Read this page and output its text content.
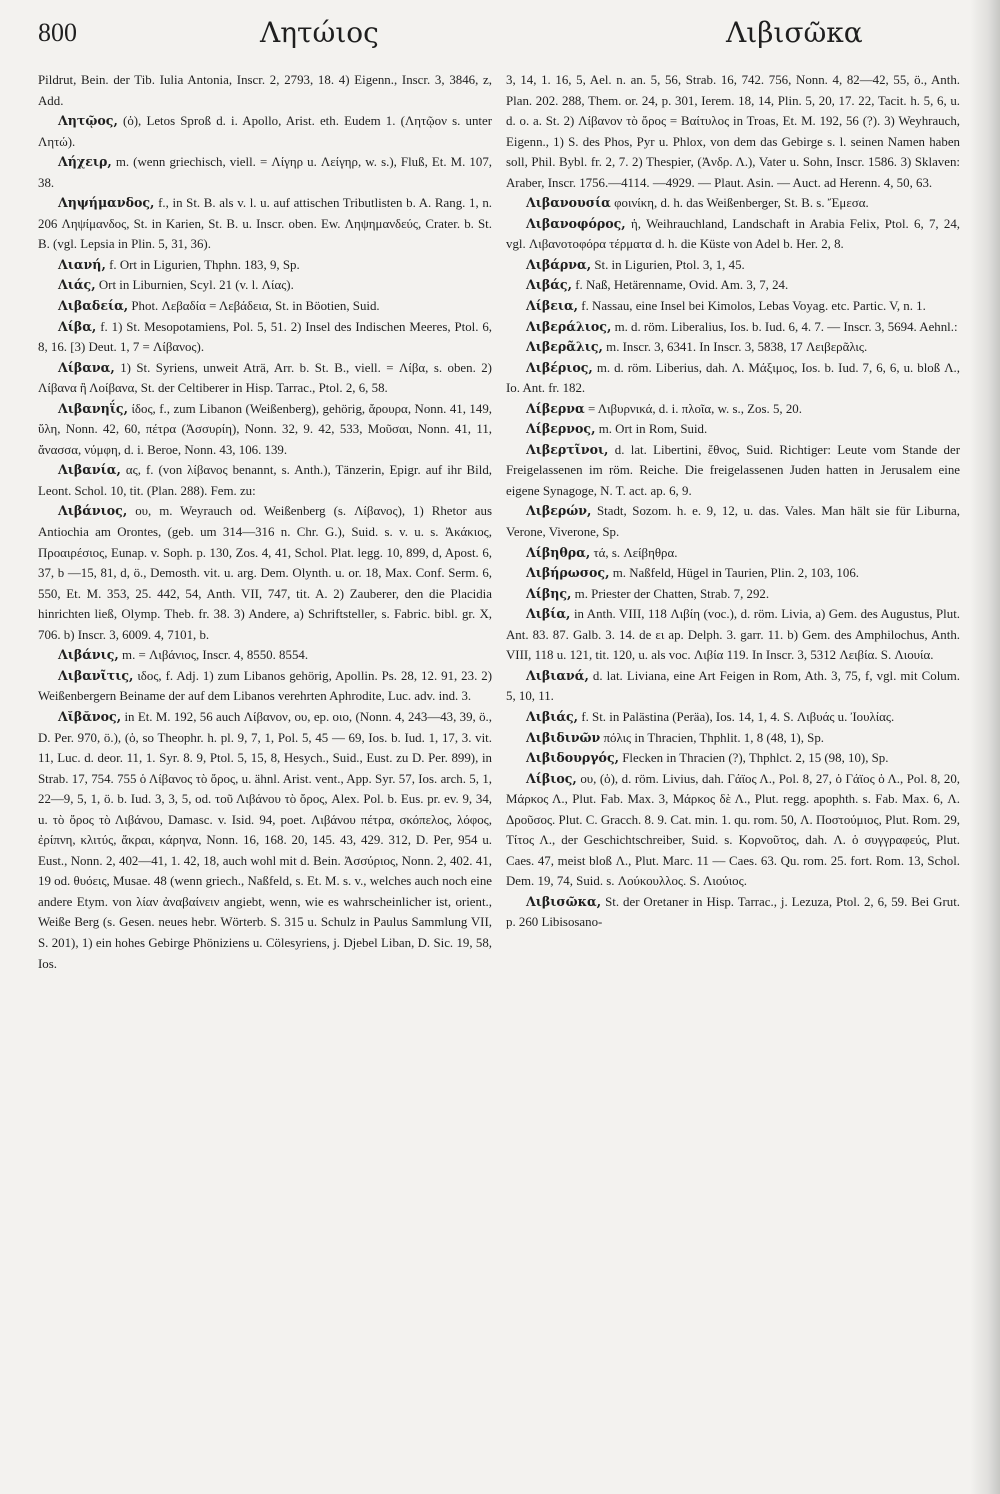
800	Λητώιος	Λιβισῶκα

Pildrut, Bein. der Tib. Iulia Antonia, Inscr. 2, 2793, 18. 4) Eigenn., Inscr. 3, 3846, z, Add.

Λητῷος, (ὁ), Letos Sproß d. i. Apollo, Arist. eth. Eudem 1. (Λητῷον s. unter Λητώ).

Λήχειρ, m. (wenn griechisch, viell. = Λίγηρ u. Λείγηρ, w. s.), Fluß, Et. M. 107, 38.

Ληψήμανδος, f., in St. B. als v. l. u. auf attischen Tributlisten b. A. Rang. 1, n. 206 Ληψίμανδος, St. in Karien, St. B. u. Inscr. oben. Ew. Ληψημανδεύς, Crater. b. St. B. (vgl. Lepsia in Plin. 5, 31, 36).

Λιανή, f. Ort in Ligurien, Thphn. 183, 9, Sp.

Λιάς, Ort in Liburnien, Scyl. 21 (v. l. Λίας).

Λιβαδεία, Phot. Λεβαδία = Λεβάδεια, St. in Böotien, Suid.

Λίβα, f. 1) St. Mesopotamiens, Pol. 5, 51. 2) Insel des Indischen Meeres, Ptol. 6, 8, 16. [3) Deut. 1, 7 = Λίβανος).

Λίβανα, 1) St. Syriens, unweit Aträ, Arr. b. St. B., viell. = Λίβα, s. oben. 2) Λίβανα ἢ Λοίβανα, St. der Celtiberer in Hisp. Tarrac., Ptol. 2, 6, 58.

Λιβανηΐς, ίδος, f., zum Libanon (Weißenberg), gehörig, ἄρουρα, Nonn. 41, 149, ὕλη, Nonn. 42, 60, πέτρα (Ἀσσυρίη), Nonn. 32, 9. 42, 533, Μοῦσαι, Nonn. 41, 11, ἄνασσα, νύμφη, d. i. Beroe, Nonn. 43, 106. 139.

Λιβανία, ας, f. (von λίβανος benannt, s. Anth.), Tänzerin, Epigr. auf ihr Bild, Leont. Schol. 10, tit. (Plan. 288). Fem. zu:

Λιβάνιος, ου, m. Weyrauch od. Weißenberg (s. Λίβανος), 1) Rhetor aus Antiochia am Orontes, (geb. um 314—316 n. Chr. G.), Suid. s. v. u. s. Ἀκάκιος, Προαιρέσιος, Eunap. v. Soph. p. 130, Zos. 4, 41, Schol. Plat. legg. 10, 899, d, Apost. 6, 37, b —15, 81, d, ö., Demosth. vit. u. arg. Dem. Olynth. u. or. 18, Max. Conf. Serm. 6, 550, Et. M. 353, 25. 442, 54, Anth. VII, 747, tit. A. 2) Zauberer, den die Placidia hinrichten ließ, Olymp. Theb. fr. 38. 3) Andere, a) Schriftsteller, s. Fabric. bibl. gr. X, 706. b) Inscr. 3, 6009. 4, 7101, b.

Λιβάνις, m. = Λιβάνιος, Inscr. 4, 8550. 8554.

Λιβανῖτις, ιδος, f. Adj. 1) zum Libanos gehörig, Apollin. Ps. 28, 12. 91, 23. 2) Weißenbergern Beiname der auf dem Libanos verehrten Aphrodite, Luc. adv. ind. 3.

Λῐβᾰνος, in Et. M. 192, 56 auch Λίβανον, ου, ep. οιο, (Nonn. 4, 243—43, 39, ö., D. Per. 970, ö.), (ὁ, so Theophr. h. pl. 9, 7, 1, Pol. 5, 45 — 69, Ios. b. Iud. 1, 17, 3. vit. 11, Luc. d. deor. 11, 1. Syr. 8. 9, Ptol. 5, 15, 8, Hesych., Suid., Eust. zu D. Per. 899), in Strab. 17, 754. 755 ὁ Λίβανος τὸ ὄρος, u. ähnl. Arist. vent., App. Syr. 57, Ios. arch. 5, 1, 22—9, 5, 1, ö. b. Iud. 3, 3, 5, od. τοῦ Λιβάνου τὸ ὄρος, Alex. Pol. b. Eus. pr. ev. 9, 34, u. τὸ ὄρος τὸ Λιβάνου, Damasc. v. Isid. 94, poet. Λιβάνου πέτρα, σκόπελος, λόφος, ἐρίπνη, κλιτύς, ἄκραι, κάρηνα, Nonn. 16, 168. 20, 145. 43, 429. 312, D. Per, 954 u. Eust., Nonn. 2, 402—41, 1. 42, 18, auch wohl mit d. Bein. Ἀσσύριος, Nonn. 2, 402. 41, 19 od. θυόεις, Musae. 48 (wenn griech., Naßfeld, s. Et. M. s. v., welches auch noch eine andere Etym. von λίαν ἀναβαίνειν angiebt, wenn, wie es wahrscheinlicher ist, orient., Weiße Berg (s. Gesen. neues hebr. Wörterb. S. 315 u. Schulz in Paulus Sammlung VII, S. 201), 1) ein hohes Gebirge Phöniziens u. Cölesyriens, j. Djebel Liban, D. Sic. 19, 58, Ios.

3, 14, 1. 16, 5, Ael. n. an. 5, 56, Strab. 16, 742. 756, Nonn. 4, 82—42, 55, ö., Anth. Plan. 202. 288, Them. or. 24, p. 301, Ierem. 18, 14, Plin. 5, 20, 17. 22, Tacit. h. 5, 6, u. d. o. a. St. 2) Λίβανον τὸ ὄρος = Βαίτυλος in Troas, Et. M. 192, 56 (?). 3) Weyhrauch, Eigenn., 1) S. des Phos, Pyr u. Phlox, von dem das Gebirge s. l. seinen Namen haben soll, Phil. Bybl. fr. 2, 7. 2) Thespier, (Ἀνδρ. Λ.), Vater u. Sohn, Inscr. 1586. 3) Sklaven: Araber, Inscr. 1756.—4114. —4929. — Plaut. Asin. — Auct. ad Herenn. 4, 50, 63.

Λιβανουσία φοινίκη, d. h. das Weißenberger, St. B. s. Ἔμεσα.

Λιβανοφόρος, ἡ, Weihrauchland, Landschaft in Arabia Felix, Ptol. 6, 7, 24, vgl. Λιβανοτοφόρα τέρματα d. h. die Küste von Adel b. Her. 2, 8.

Λιβάρνα, St. in Ligurien, Ptol. 3, 1, 45.

Λιβάς, f. Naß, Hetärenname, Ovid. Am. 3, 7, 24.

Λίβεια, f. Nassau, eine Insel bei Kimolos, Lebas Voyag. etc. Partic. V, n. 1.

Λιβεράλιος, m. d. röm. Liberalius, Ios. b. Iud. 6, 4. 7. — Inscr. 3, 5694. Aehnl.:

Λιβερᾶλις, m. Inscr. 3, 6341. In Inscr. 3, 5838, 17 Λειβερᾶλις.

Λιβέριος, m. d. röm. Liberius, dah. Λ. Μάξιμος, Ios. b. Iud. 7, 6, 6, u. bloß Λ., Io. Ant. fr. 182.

Λίβερνα = Λιβυρνικά, d. i. πλοῖα, w. s., Zos. 5, 20.

Λίβερνος, m. Ort in Rom, Suid.

Λιβερτῖνοι, d. lat. Libertini, ἔθνος, Suid. Richtiger: Leute vom Stande der Freigelassenen im röm. Reiche. Die freigelassenen Juden hatten in Jerusalem eine eigene Synagoge, N. T. act. ap. 6, 9.

Λιβερών, Stadt, Sozom. h. e. 9, 12, u. das. Vales. Man hält sie für Liburna, Verone, Viverone, Sp.

Λίβηθρα, τά, s. Λείβηθρα.

Λιβήρωσος, m. Naßfeld, Hügel in Taurien, Plin. 2, 103, 106.

Λίβης, m. Priester der Chatten, Strab. 7, 292.

Λιβία, in Anth. VIII, 118 Λιβίη (voc.), d. röm. Livia, a) Gem. des Augustus, Plut. Ant. 83. 87. Galb. 3. 14. de ει ap. Delph. 3. garr. 11. b) Gem. des Amphilochus, Anth. VIII, 118 u. 121, tit. 120, u. als voc. Λιβία 119. In Inscr. 3, 5312 Λειβία. S. Λιουία.

Λιβιανά, d. lat. Liviana, eine Art Feigen in Rom, Ath. 3, 75, f, vgl. mit Colum. 5, 10, 11.

Λιβιάς, f. St. in Palästina (Peräa), Ios. 14, 1, 4. S. Λιβυάς u. Ἰουλίας.

Λιβιδινῶν πόλις in Thracien, Thphlit. 1, 8 (48, 1), Sp.

Λιβιδουργός, Flecken in Thracien (?), Thphlct. 2, 15 (98, 10), Sp.

Λίβιος, ου, (ὁ), d. röm. Livius, dah. Γάϊος Λ., Pol. 8, 27, ὁ Γάϊος ὁ Λ., Pol. 8, 20, Μάρκος Λ., Plut. Fab. Max. 3, Μάρκος δὲ Λ., Plut. regg. apophth. s. Fab. Max. 6, Λ. Δροῦσος. Plut. C. Gracch. 8. 9. Cat. min. 1. qu. rom. 50, Λ. Ποστούμιος, Plut. Rom. 29, Τίτος Λ., der Geschichtschreiber, Suid. s. Κορνοῦτος, dah. Λ. ὁ συγγραφεύς, Plut. Caes. 47, meist bloß Λ., Plut. Marc. 11 — Caes. 63. Qu. rom. 25. fort. Rom. 13, Schol. Dem. 19, 74, Suid. s. Λούκουλλος. S. Λιούιος.

Λιβισῶκα, St. der Oretaner in Hisp. Tarrac., j. Lezuza, Ptol. 2, 6, 59. Bei Grut. p. 260 Libisosano-
